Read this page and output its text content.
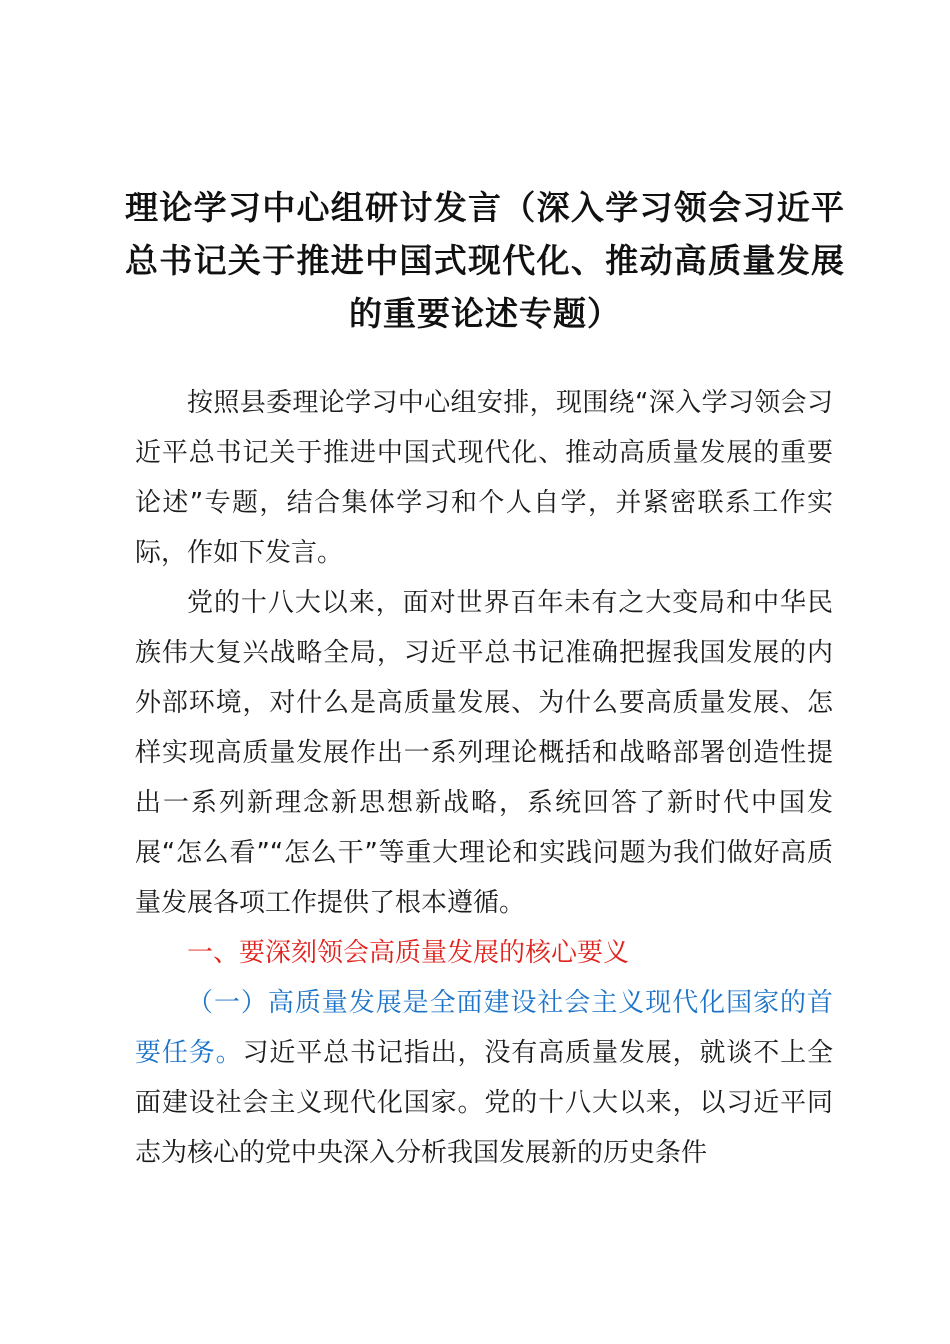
理论学习中心组研讨发言（深入学习领会习近平总书记关于推进中国式现代化、推动高质量发展的重要论述专题）

按照县委理论学习中心组安排，现围绕“深入学习领会习近平总书记关于推进中国式现代化、推动高质量发展的重要论述”专题，结合集体学习和个人自学，并紧密联系工作实际，作如下发言。

党的十八大以来，面对世界百年未有之大变局和中华民族伟大复兴战略全局，习近平总书记准确把握我国发展的内外部环境，对什么是高质量发展、为什么要高质量发展、怎样实现高质量发展作出一系列理论概括和战略部署创造性提出一系列新理念新思想新战略，系统回答了新时代中国发展“怎么看”“怎么干”等重大理论和实践问题为我们做好高质量发展各项工作提供了根本遵循。

一、要深刻领会高质量发展的核心要义

（一）高质量发展是全面建设社会主义现代化国家的首要任务。习近平总书记指出，没有高质量发展，就谈不上全面建设社会主义现代化国家。党的十八大以来，以习近平同志为核心的党中央深入分析我国发展新的历史条件
